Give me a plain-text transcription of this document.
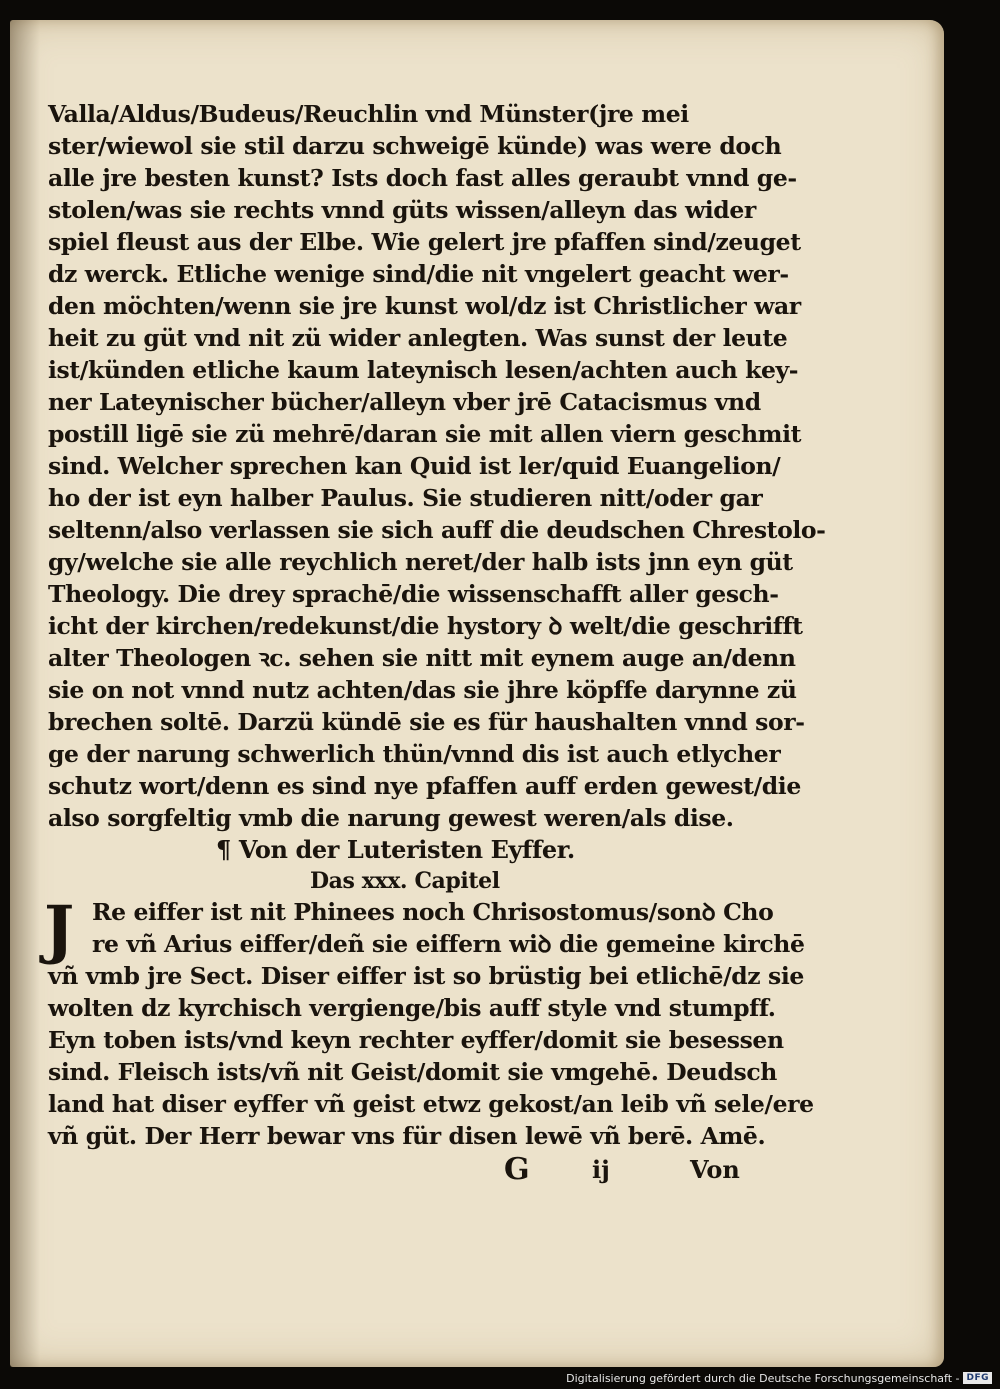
Valla/Aldus/Budeus/Reuchlin vnd Münster(jre mei
ster/wiewol sie stil darzu schweigē künde) was were doch
alle jre besten kunst? Ists doch fast alles geraubt vnnd ge-
stolen/was sie rechts vnnd güts wissen/alleyn das wider
spiel fleust aus der Elbe. Wie gelert jre pfaffen sind/zeuget
dz werck. Etliche wenige sind/die nit vngelert geacht wer-
den möchten/wenn sie jre kunst wol/dz ist Christlicher war
heit zu güt vnd nit zü wider anlegten. Was sunst der leute
ist/künden etliche kaum lateynisch lesen/achten auch key-
ner Lateynischer bücher/alleyn vber jrē Catacismus vnd
postill ligē sie zü mehrē/daran sie mit allen viern geschmit
sind. Welcher sprechen kan Quid ist ler/quid Euangelion/
ho der ist eyn halber Paulus. Sie studieren nitt/oder gar
seltenn/also verlassen sie sich auff die deudschen Chrestolo-
gy/welche sie alle reychlich neret/der halb ists jnn eyn güt
Theology. Die drey sprachē/die wissenschafft aller gesch-
icht der kirchen/redekunst/die hystory ꝺ welt/die geschrifft
alter Theologen ꝛc. sehen sie nitt mit eynem auge an/denn
sie on not vnnd nutz achten/das sie jhre köpffe darynne zü
brechen soltē. Darzü kündē sie es für haushalten vnnd sor-
ge der narung schwerlich thün/vnnd dis ist auch etlycher
schutz wort/denn es sind nye pfaffen auff erden gewest/die
also sorgfeltig vmb die narung gewest weren/als dise.
¶ Von der Luteristen Eyffer.
Das xxx. Capitel
J Re eiffer ist nit Phinees noch Chrisostomus/sonꝺ Cho
re vñ Arius eiffer/deñ sie eiffern wiꝺ die gemeine kirchē
vñ vmb jre Sect. Diser eiffer ist so brüstig bei etlichē/dz sie
wolten dz kyrchisch vergienge/bis auff style vnd stumpff.
Eyn toben ists/vnd keyn rechter eyffer/domit sie besessen
sind. Fleisch ists/vñ nit Geist/domit sie vmgehē. Deudsch
land hat diser eyffer vñ geist etwz gekost/an leib vñ sele/ere
vñ güt. Der Herr bewar vns für disen lewē vñ berē. Amē.
G	ij	Von
Digitalisierung gefördert durch die Deutsche Forschungsgemeinschaft - DFG
